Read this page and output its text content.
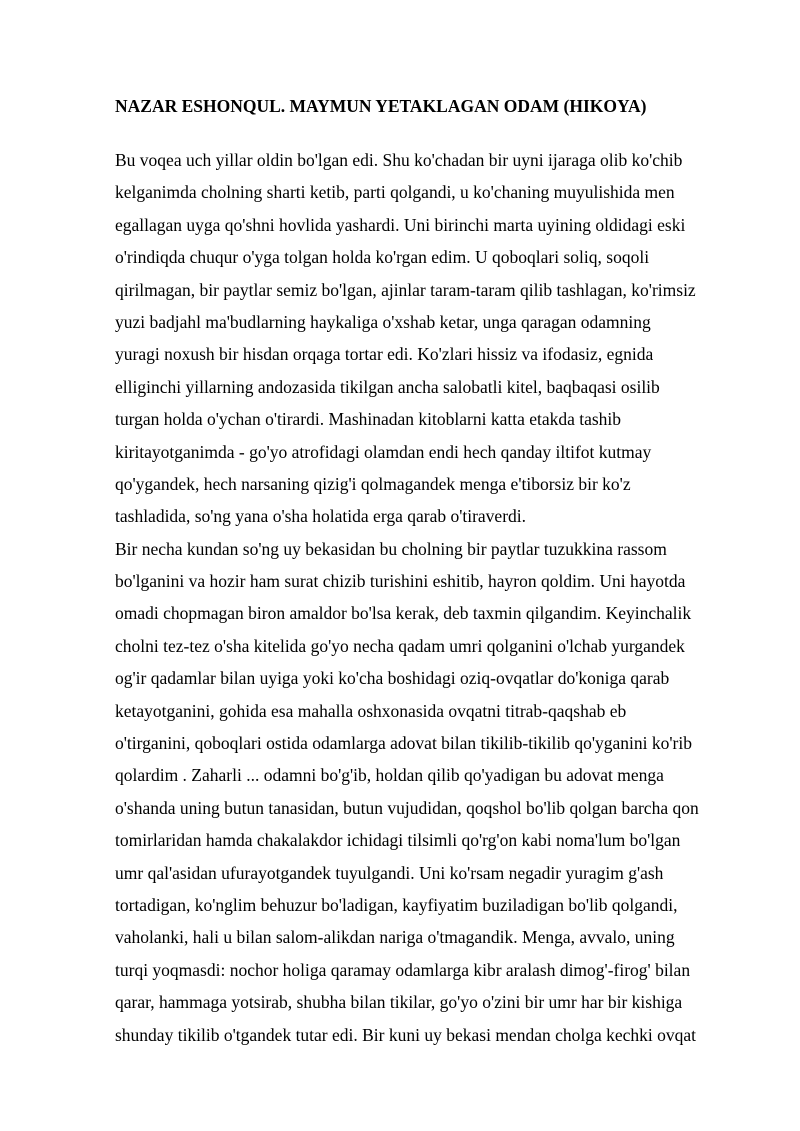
NAZAR ESHONQUL. MAYMUN YETAKLAGAN ODAM (HIKOYA)
Bu voqea uch yillar oldin bo'lgan edi. Shu ko'chadan bir uyni ijaraga olib ko'chib
kelganimda cholning sharti ketib, parti qolgandi, u ko'chaning muyulishida men
egallagan uyga qo'shni hovlida yashardi. Uni birinchi marta uyining oldidagi eski
o'rindiqda chuqur o'yga tolgan holda ko'rgan edim. U qoboqlari soliq, soqoli
qirilmagan, bir paytlar semiz bo'lgan, ajinlar taram-taram qilib tashlagan, ko'rimsiz
yuzi badjahl ma'budlarning haykaliga o'xshab ketar, unga qaragan odamning
yuragi noxush bir hisdan orqaga tortar edi. Ko'zlari hissiz va ifodasiz, egnida
elliginchi yillarning andozasida tikilgan ancha salobatli kitel, baqbaqasi osilib
turgan holda o'ychan o'tirardi. Mashinadan kitoblarni katta etakda tashib
kiritayotganimda - go'yo atrofidagi olamdan endi hech qanday iltifot kutmay
qo'ygandek, hech narsaning qizig'i qolmagandek menga e'tiborsiz bir ko'z
tashladida, so'ng yana o'sha holatida erga qarab o'tiraverdi.
Bir necha kundan so'ng uy bekasidan bu cholning bir paytlar tuzukkina rassom
bo'lganini va hozir ham surat chizib turishini eshitib, hayron qoldim. Uni hayotda
omadi chopmagan biron amaldor bo'lsa kerak, deb taxmin qilgandim. Keyinchalik
cholni tez-tez o'sha kitelida go'yo necha qadam umri qolganini o'lchab yurgandek
og'ir qadamlar bilan uyiga yoki ko'cha boshidagi oziq-ovqatlar do'koniga qarab
ketayotganini, gohida esa mahalla oshxonasida ovqatni titrab-qaqshab eb
o'tirganini, qoboqlari ostida odamlarga adovat bilan tikilib-tikilib qo'yganini ko'rib
qolardim . Zaharli ... odamni bo'g'ib, holdan qilib qo'yadigan bu adovat menga
o'shanda uning butun tanasidan, butun vujudidan, qoqshol bo'lib qolgan barcha qon
tomirlaridan hamda chakalakdor ichidagi tilsimli qo'rg'on kabi noma'lum bo'lgan
umr qal'asidan ufurayotgandek tuyulgandi. Uni ko'rsam negadir yuragim g'ash
tortadigan, ko'nglim behuzur bo'ladigan, kayfiyatim buziladigan bo'lib qolgandi,
vaholanki, hali u bilan salom-alikdan nariga o'tmagandik. Menga, avvalo, uning
turqi yoqmasdi: nochor holiga qaramay odamlarga kibr aralash dimog'-firog' bilan
qarar, hammaga yotsirab, shubha bilan tikilar, go'yo o'zini bir umr har bir kishiga
shunday tikilib o'tgandek tutar edi. Bir kuni uy bekasi mendan cholga kechki ovqat
